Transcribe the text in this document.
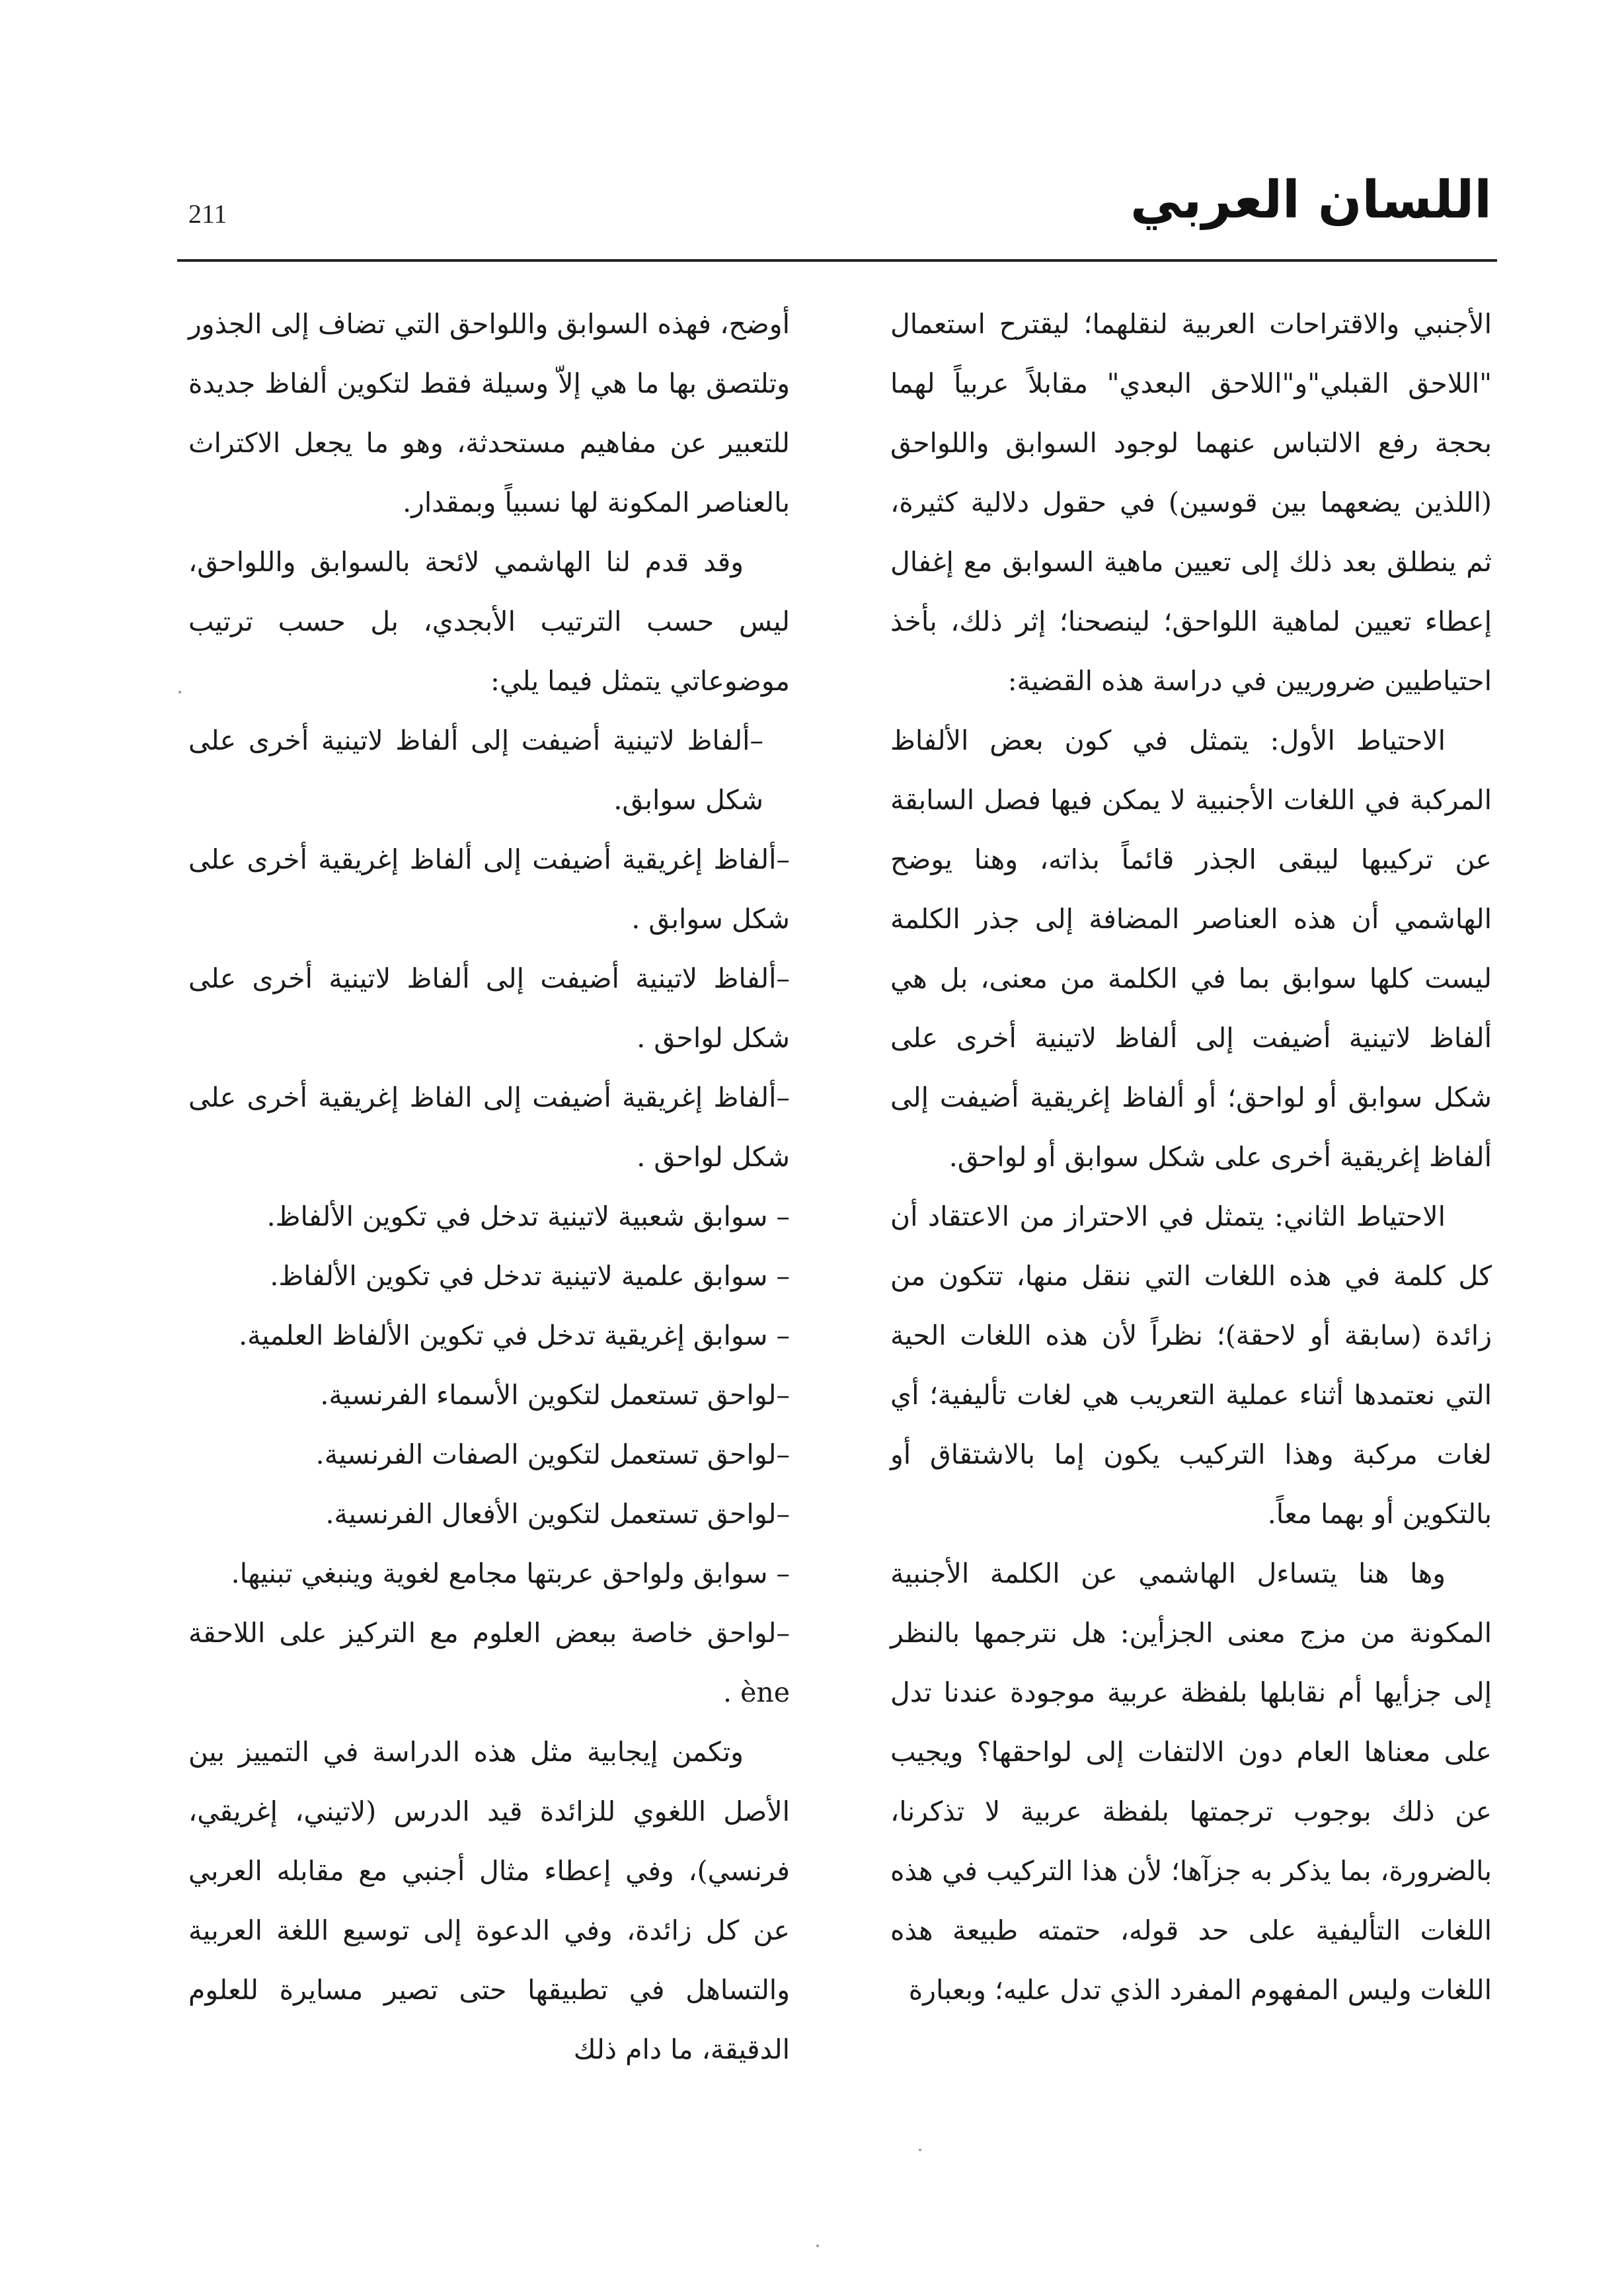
211	اللسان العربي

الأجنبي والاقتراحات العربية لنقلهما؛ ليقترح استعمال "اللاحق القبلي"و"اللاحق البعدي" مقابلاً عربياً لهما بحجة رفع الالتباس عنهما لوجود السوابق واللواحق (اللذين يضعهما بين قوسين) في حقول دلالية كثيرة، ثم ينطلق بعد ذلك إلى تعيين ماهية السوابق مع إغفال إعطاء تعيين لماهية اللواحق؛ لينصحنا؛ إثر ذلك، بأخذ احتياطيين ضروريين في دراسة هذه القضية:

الاحتياط الأول: يتمثل في كون بعض الألفاظ المركبة في اللغات الأجنبية لا يمكن فيها فصل السابقة عن تركيبها ليبقى الجذر قائماً بذاته، وهنا يوضح الهاشمي أن هذه العناصر المضافة إلى جذر الكلمة ليست كلها سوابق بما في الكلمة من معنى، بل هي ألفاظ لاتينية أضيفت إلى ألفاظ لاتينية أخرى على شكل سوابق أو لواحق؛ أو ألفاظ إغريقية أضيفت إلى ألفاظ إغريقية أخرى على شكل سوابق أو لواحق.

الاحتياط الثاني: يتمثل في الاحتراز من الاعتقاد أن كل كلمة في هذه اللغات التي ننقل منها، تتكون من زائدة (سابقة أو لاحقة)؛ نظراً لأن هذه اللغات الحية التي نعتمدها أثناء عملية التعريب هي لغات تأليفية؛ أي لغات مركبة وهذا التركيب يكون إما بالاشتقاق أو بالتكوين أو بهما معاً.

وها هنا يتساءل الهاشمي عن الكلمة الأجنبية المكونة من مزج معنى الجزأين: هل نترجمها بالنظر إلى جزأيها أم نقابلها بلفظة عربية موجودة عندنا تدل على معناها العام دون الالتفات إلى لواحقها؟ ويجيب عن ذلك بوجوب ترجمتها بلفظة عربية لا تذكرنا، بالضرورة، بما يذكر به جزآها؛ لأن هذا التركيب في هذه اللغات التأليفية على حد قوله، حتمته طبيعة هذه اللغات وليس المفهوم المفرد الذي تدل عليه؛ وبعبارة

أوضح، فهذه السوابق واللواحق التي تضاف إلى الجذور وتلتصق بها ما هي إلاّ وسيلة فقط لتكوين ألفاظ جديدة للتعبير عن مفاهيم مستحدثة، وهو ما يجعل الاكتراث بالعناصر المكونة لها نسبياً وبمقدار.

وقد قدم لنا الهاشمي لائحة بالسوابق واللواحق، ليس حسب الترتيب الأبجدي، بل حسب ترتيب موضوعاتي يتمثل فيما يلي:

–ألفاظ لاتينية أضيفت إلى ألفاظ لاتينية أخرى على شكل سوابق.

–ألفاظ إغريقية أضيفت إلى ألفاظ إغريقية أخرى على شكل سوابق .

–ألفاظ لاتينية أضيفت إلى ألفاظ لاتينية أخرى على شكل لواحق .

–ألفاظ إغريقية أضيفت إلى الفاظ إغريقية أخرى على شكل لواحق .

– سوابق شعبية لاتينية تدخل في تكوين الألفاظ.

– سوابق علمية لاتينية تدخل في تكوين الألفاظ.

– سوابق إغريقية تدخل في تكوين الألفاظ العلمية.

–لواحق تستعمل لتكوين الأسماء الفرنسية.

–لواحق تستعمل لتكوين الصفات الفرنسية.

–لواحق تستعمل لتكوين الأفعال الفرنسية.

– سوابق ولواحق عربتها مجامع لغوية وينبغي تبنيها.

–لواحق خاصة ببعض العلوم مع التركيز على اللاحقة ène .

وتكمن إيجابية مثل هذه الدراسة في التمييز بين الأصل اللغوي للزائدة قيد الدرس (لاتيني، إغريقي، فرنسي)، وفي إعطاء مثال أجنبي مع مقابله العربي عن كل زائدة، وفي الدعوة إلى توسيع اللغة العربية والتساهل في تطبيقها حتى تصير مسايرة للعلوم الدقيقة، ما دام ذلك
